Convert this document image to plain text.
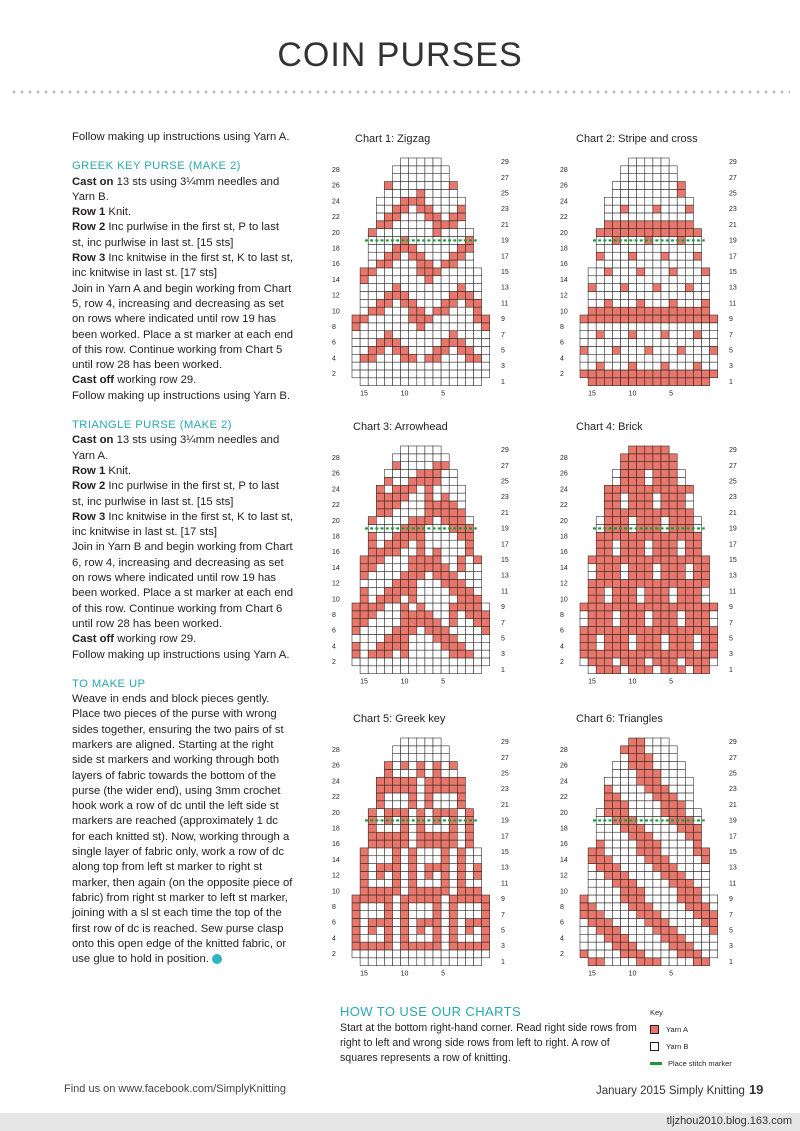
COIN PURSES

Follow making up instructions using Yarn A.

GREEK KEY PURSE (MAKE 2)

Cast on 13 sts using 3¼mm needles and Yarn B.

Row 1 Knit.

Row 2 Inc purlwise in the first st, P to last st, inc purlwise in last st. [15 sts]

Row 3 Inc knitwise in the first st, K to last st, inc knitwise in last st. [17 sts]

Join in Yarn A and begin working from Chart 5, row 4, increasing and decreasing as set on rows where indicated until row 19 has been worked. Place a st marker at each end of this row. Continue working from Chart 5 until row 28 has been worked.

Cast off working row 29.

Follow making up instructions using Yarn B.

TRIANGLE PURSE (MAKE 2)

Cast on 13 sts using 3¼mm needles and Yarn A.

Row 1 Knit.

Row 2 Inc purlwise in the first st, P to last st, inc purlwise in last st. [15 sts]

Row 3 Inc knitwise in the first st, K to last st, inc knitwise in last st. [17 sts]

Join in Yarn B and begin working from Chart 6, row 4, increasing and decreasing as set on rows where indicated until row 19 has been worked. Place a st marker at each end of this row. Continue working from Chart 6 until row 28 has been worked.

Cast off working row 29.

Follow making up instructions using Yarn A.

TO MAKE UP

Weave in ends and block pieces gently. Place two pieces of the purse with wrong sides together, ensuring the two pairs of st markers are aligned. Starting at the right side st markers and working through both layers of fabric towards the bottom of the purse (the wider end), using 3mm crochet hook work a row of dc until the left side st markers are reached (approximately 1 dc for each knitted st). Now, working through a single layer of fabric only, work a row of dc along top from left st marker to right st marker, then again (on the opposite piece of fabric) from right st marker to left st marker, joining with a sl st each time the top of the first row of dc is reached. Sew purse clasp onto this open edge of the knitted fabric, or use glue to hold in position.

Chart 1: Zigzag	Chart 2: Stripe and cross
Chart 3: Arrowhead	Chart 4: Brick
Chart 5: Greek key	Chart 6: Triangles
28
26
24
22
20
18
16
14
12
10
8
6
4
2
29
27
25
23
21
19
17
15
13
11
9
7
5
3
1
15	10	5
28
26
24
22
20
18
16
14
12
10
8
6
4
2
29
27
25
23
21
19
17
15
13
11
9
7
5
3
1
15	10	5
28
26
24
22
20
18
16
14
12
10
8
6
4
2
29
27
25
23
21
19
17
15
13
11
9
7
5
3
1
15	10	5
28
26
24
22
20
18
16
14
12
10
8
6
4
2
29
27
25
23
21
19
17
15
13
11
9
7
5
3
1
15	10	5
28
26
24
22
20
18
16
14
12
10
8
6
4
2
29
27
25
23
21
19
17
15
13
11
9
7
5
3
1
15	10	5
28
26
24
22
20
18
16
14
12
10
8
6
4
2
29
27
25
23
21
19
17
15
13
11
9
7
5
3
1
15	10	5
HOW TO USE OUR CHARTS
Start at the bottom right-hand corner. Read right side rows from right to left and wrong side rows from left to right. A row of squares represents a row of knitting.
Key
Yarn A
Yarn B
Place stitch marker
Find us on www.facebook.com/SimplyKnitting	January 2015 Simply Knitting 19
tljzhou2010.blog.163.com
